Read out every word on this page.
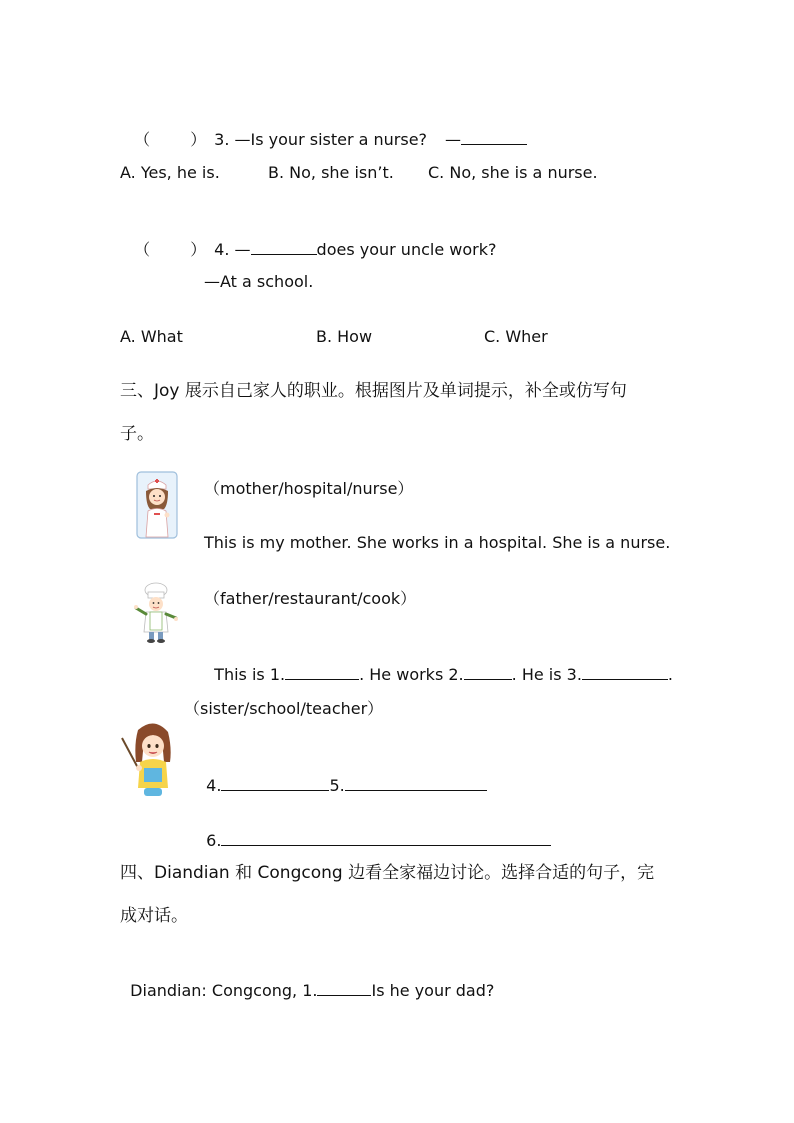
（	） 3. —Is your sister a nurse? —

A. Yes, he is.	B. No, she isn’t. C. No, she is a nurse.

（	） 4. —	does your uncle work?

—At a school.
A. What	B. How	C. Wher
三、Joy 展示自己家人的职业。根据图片及单词提示，补全或仿写句
子。
（mother/hospital/nurse）
This is my mother. She works in a hospital. She is a nurse.
（father/restaurant/cook）

This is 1.	. He works 2.	. He is 3.	.

（sister/school/teacher）

4.	5.

6.

四、Diandian 和 Congcong 边看全家福边讨论。选择合适的句子，完
成对话。

Diandian: Congcong, 1.	Is he your dad?
